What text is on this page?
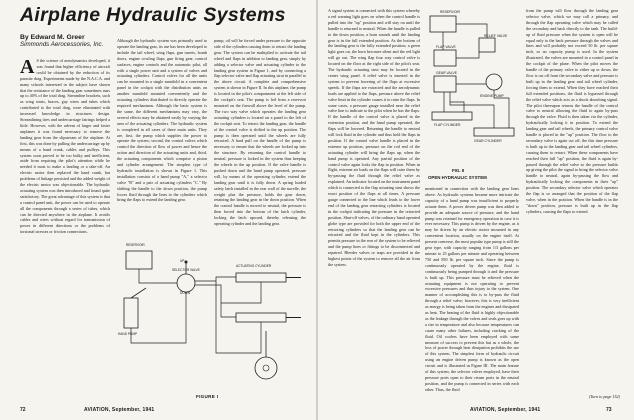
Airplane Hydraulic Systems
By Edward M. Greer
Simmonds Aerocessories, Inc.
A S the science of aerodynamics developed, it was found that higher efficiency of aircraft could be obtained by the reduction of its parasite drag. Experiments made by the N.A.C.A. and many schools interested in the subject have shown that the resistance of the landing gear sometimes runs up to 40% of the total drag. Streamline brackets, such as wing struts, braces, guy wires and tubes which contributed to the total drag, were eliminated with increased knowledge in structures design. Streamlining tires and undercarriage fairings helped a little. However, with the advent of larger and faster airplanes it was found necessary to remove the landing gear from the slipstream of the airplane. At first, this was done by pulling the undercarriage up by means of a hand crank, cables and pulleys. This system soon proved to be too bulky and inefficient, aside from requiring the pilot's attention while he needed it most to make a landing or a take-off. An electric motor then replaced the hand crank, but problems of linkage persisted and the added weight of the electric motor was objectionable. The hydraulic actuating system was then introduced and found quite satisfactory. The great advantage of this system is that a control panel unit, the power can be used to operate all the components through a series of tubes, which can be directed anywhere in the airplane. It avoids cables and wires without regard for transmission of power in different directions or the problems of torsional stresses or friction connections.

Although the hydraulic system was primarily used to operate the landing gear, its use has been developed to include the tail wheel, wing flaps, gun turrets, bomb doors, engine cowling flaps, gun firing gear, control surfaces, engine controls and the automatic pilot, all with a single power unit and a system of valves and actuating cylinders. Control valves for all the units can be mounted in a single manifold in a convenient panel in the cockpit with the distribution units on another manifold mounted conveniently and the actuating cylinders distributed to directly operate the required mechanisms. Although the basic system is the same, the different mechanisms may vary, the several effects may be obtained easily by varying the area of the actuating cylinders. The hydraulic system is completed in all cases of three main units. They are, first, the pump which supplies the power to operate the system; second, the control valves which control the direction of flow of power and hence the action and direction of the actuating units and, third, the actuating components which comprise a piston and cylinder arrangement. The simplest type of hydraulic installation is shown in Figure 1. This installation consists of a hand pump "A," a selector valve "B" and a pair of actuating cylinders "C." By shifting the handle to the down position, the pump forces fluid through the lines to the cylinders which bring the flaps to extend the landing gear.

pump, oil will be forced under pressure to the opposite side of the cylinders causing them to retract the landing gear. The system can be multiplied to activate the tail wheel and flaps in addition to landing gear, simply by adding a selector valve and actuating cylinder to the landing gear system in Figure 1, and by connecting a flap selector valve and flap actuating strut in parallel to the above circuit. A complete and comprehensive system is shown in Figure II. In this airplane, the pump is located in the pilot's compartment at the left side of the cockpit's seat. The pump is fed from a reservoir mounted on the firewall above the level of the pump. The two way valve which operates the landing gear actuating cylinders is located on a panel to the left of the cockpit seat. To retract the landing gear, the handle of the control valve is shifted to the up position. The pump is then operated until the wheels are fully retracted. A hard pull on the handle of the pump is necessary to ensure that the wheels are locked up into the structure. By returning the control handle to neutral, pressure is locked in the system thus keeping the wheels in the up position. If the valve handle is pushed down and the hand pump operated, pressure will, by means of the operating cylinder, extend the landing gear until it is fully down. A spring loaded safety latch installed in the rear wall of the nacelle, the weight plus the pressure, holds the gear down, retaining the landing gear in the down position. When the control handle is moved to neutral, the pressure is then forced into the bottom of the latch cylinder, locking the latch upward, thereby releasing the operating cylinder and the landing gear.

RESERVOIR
SELECTOR VALVE
HAND PUMP
ACTUATING CYLINDER
UP
DOWN
FIGURE I
72	AVIATION, September, 1941

A signal system is connected with this system whereby a red warning light goes on when the control handle is pulled into the "up" position and will stay on until the handle is returned to neutral. When the handle is pulled to the down position, a horn sounds until the landing gear is in the full extended position. As the bottom of the landing gear is the fully extended position, a green light goes on, the horn becomes silent and the red light will go out. The wing flap four way control valve is located on the floor at the right side of the pilot's seat. The hydraulic actuating strut may be located in the center wing panel. A relief valve is inserted in the system to prevent lowering of the flaps at excessive speeds. If the flaps are extracted and the aerodynamic loads are applied to the flaps, pressure above the relief valve limit in the cylinder causes it to raise the flaps. In some cases, a pressure gauge installed near the relief valve line to indicate to the pilot when he has the flaps. If the handle of the control valve is placed in the extension position, and the hand pump operated, the flaps will be lowered. Returning the handle to neutral will lock fluid in the cylinder and thus hold the flaps in position. If the control valve handle is placed in the extreme up position, pressure on the rod end of the actuating cylinder will bring the flaps up, when the hand pump is operated. Any partial position of the control valve again locks the flap in position. When in flight, extreme air loads on the flaps will raise them by by-passing the fluid through the relief valve as explained. An indicator located on the instrument panel which is connected to the flap actuating strut shows the exact position of the flaps at all times. A pressure gauge connected to the line which leads to the lower end of the landing gear retracting cylinders is located in the cockpit indicating the pressure in the retracted position. Shut-off valves, of the ordinary hand operated globe type are provided for both the upper end of the retracting cylinders so that the landing gear can be retracted and the fluid kept in the cylinders. This permits pressure in the rear of the system to be relieved and the pump lines or fittings to be disconnected and repaired. Bleeder valves or traps are provided in the highest points of the system to remove all the air from the system.

RESERVOIR
RELIEF VALVE
FLAP VALVE
GEAR VALVE
ENGINE PUMP
FLAP CYLINDER
GEAR CYLINDER
FIG. II
OPEN HYDRAULIC SYSTEM

mentioned in connection with the landing gear lines above. As hydraulic systems became more intricate the capacity of a hand pump was insufficient to properly actuate them. A power driven pump was then added to provide an adequate source of pressure, and the hand pump was retained for emergency operation in case it is ever necessary. This pump is driven by the engine, as it may be driven by an electric motor mounted in any convenient location, usually on the engine itself. At present converse, the most popular type pump is still the gear type, with capacity ranging from 1/3 gallons per minute to 25 gallons per minute and operating between 750 and 850 lb. per square inch. Since the pump is continuously operated by the engine, fluid is continuously being pumped through it and the pressure is built up. This pressure must be relieved when the actuating equipment is not operating to prevent excessive pressures and thus injury to the system. One manner of accomplishing this is to by-pass the fluid through a relief valve; however, this is very inefficient as energy is being taken from the engines and dissipated as heat. The heating of the fluid is highly objectionable as the leakage through the valves and seals goes up with a rise in temperature and also because temperatures can cause many other failures, including cracking of the fluid. Oil coolers have been employed with some measure of success to prevent this but as a whole, the loss of power through heat dissipation prohibits the use of this system. The simplest form of hydraulic circuit using an engine driven pump is known as the open circuit and is illustrated in Figure III. The main feature of this system, the selector valves employed, have their pressure ports open to their return ports in the neutral position, and the pump is connected in series with each other. Thus, the fluid

from the pump will flow through the landing gear selector valve, which we may call a primary, and through the flap operating valve which may be called the secondary and back directly to the tank. The build-up of fluid pressure when the system is open will be equal only to the back pressure through the valves and lines and will probably not exceed 50 lb. per square inch, so no capacity pump is used. In the system illustrated, the valves are mounted in a control panel in the cockpit of the plane. When the pilot moves the handle of the primary valve to either up or down, the flow is cut off from the secondary valve and pressure is built up in the landing gear and tail wheel cylinder, forcing them to extend. When they have reached their full extended positions, the fluid is bypassed through the relief valve which acts as a shock absorbing signal. The pilot thereupon returns the handle of the control valve to neutral allowing the fluid to again by-pass through the valve. Fluid is then taken via the cylinder, hydraulically locking it in position. To extend the landing gear and tail wheels, the primary control valve handle is placed in the "up" position. The flow to the secondary valve is again cut off, the this time pressure is built up in the landing gear and tail wheel cylinders, causing them to retract. When these components have reached their full "up" position, the fluid is again by-passed through the relief valve so the pressure builds up giving the pilot the signal to bring the selector valve handle to neutral, again by-passing the flow and hydraulically locking the components in their "up" position. The secondary selector valve which operates the flap is so arranged that the position of the flap valve, when in the position. When the handle is in the "down" position, pressure is built up in the flap cylinders, causing the flaps to extend.

(Turn to page 152)
AVIATION, September, 1941	73
